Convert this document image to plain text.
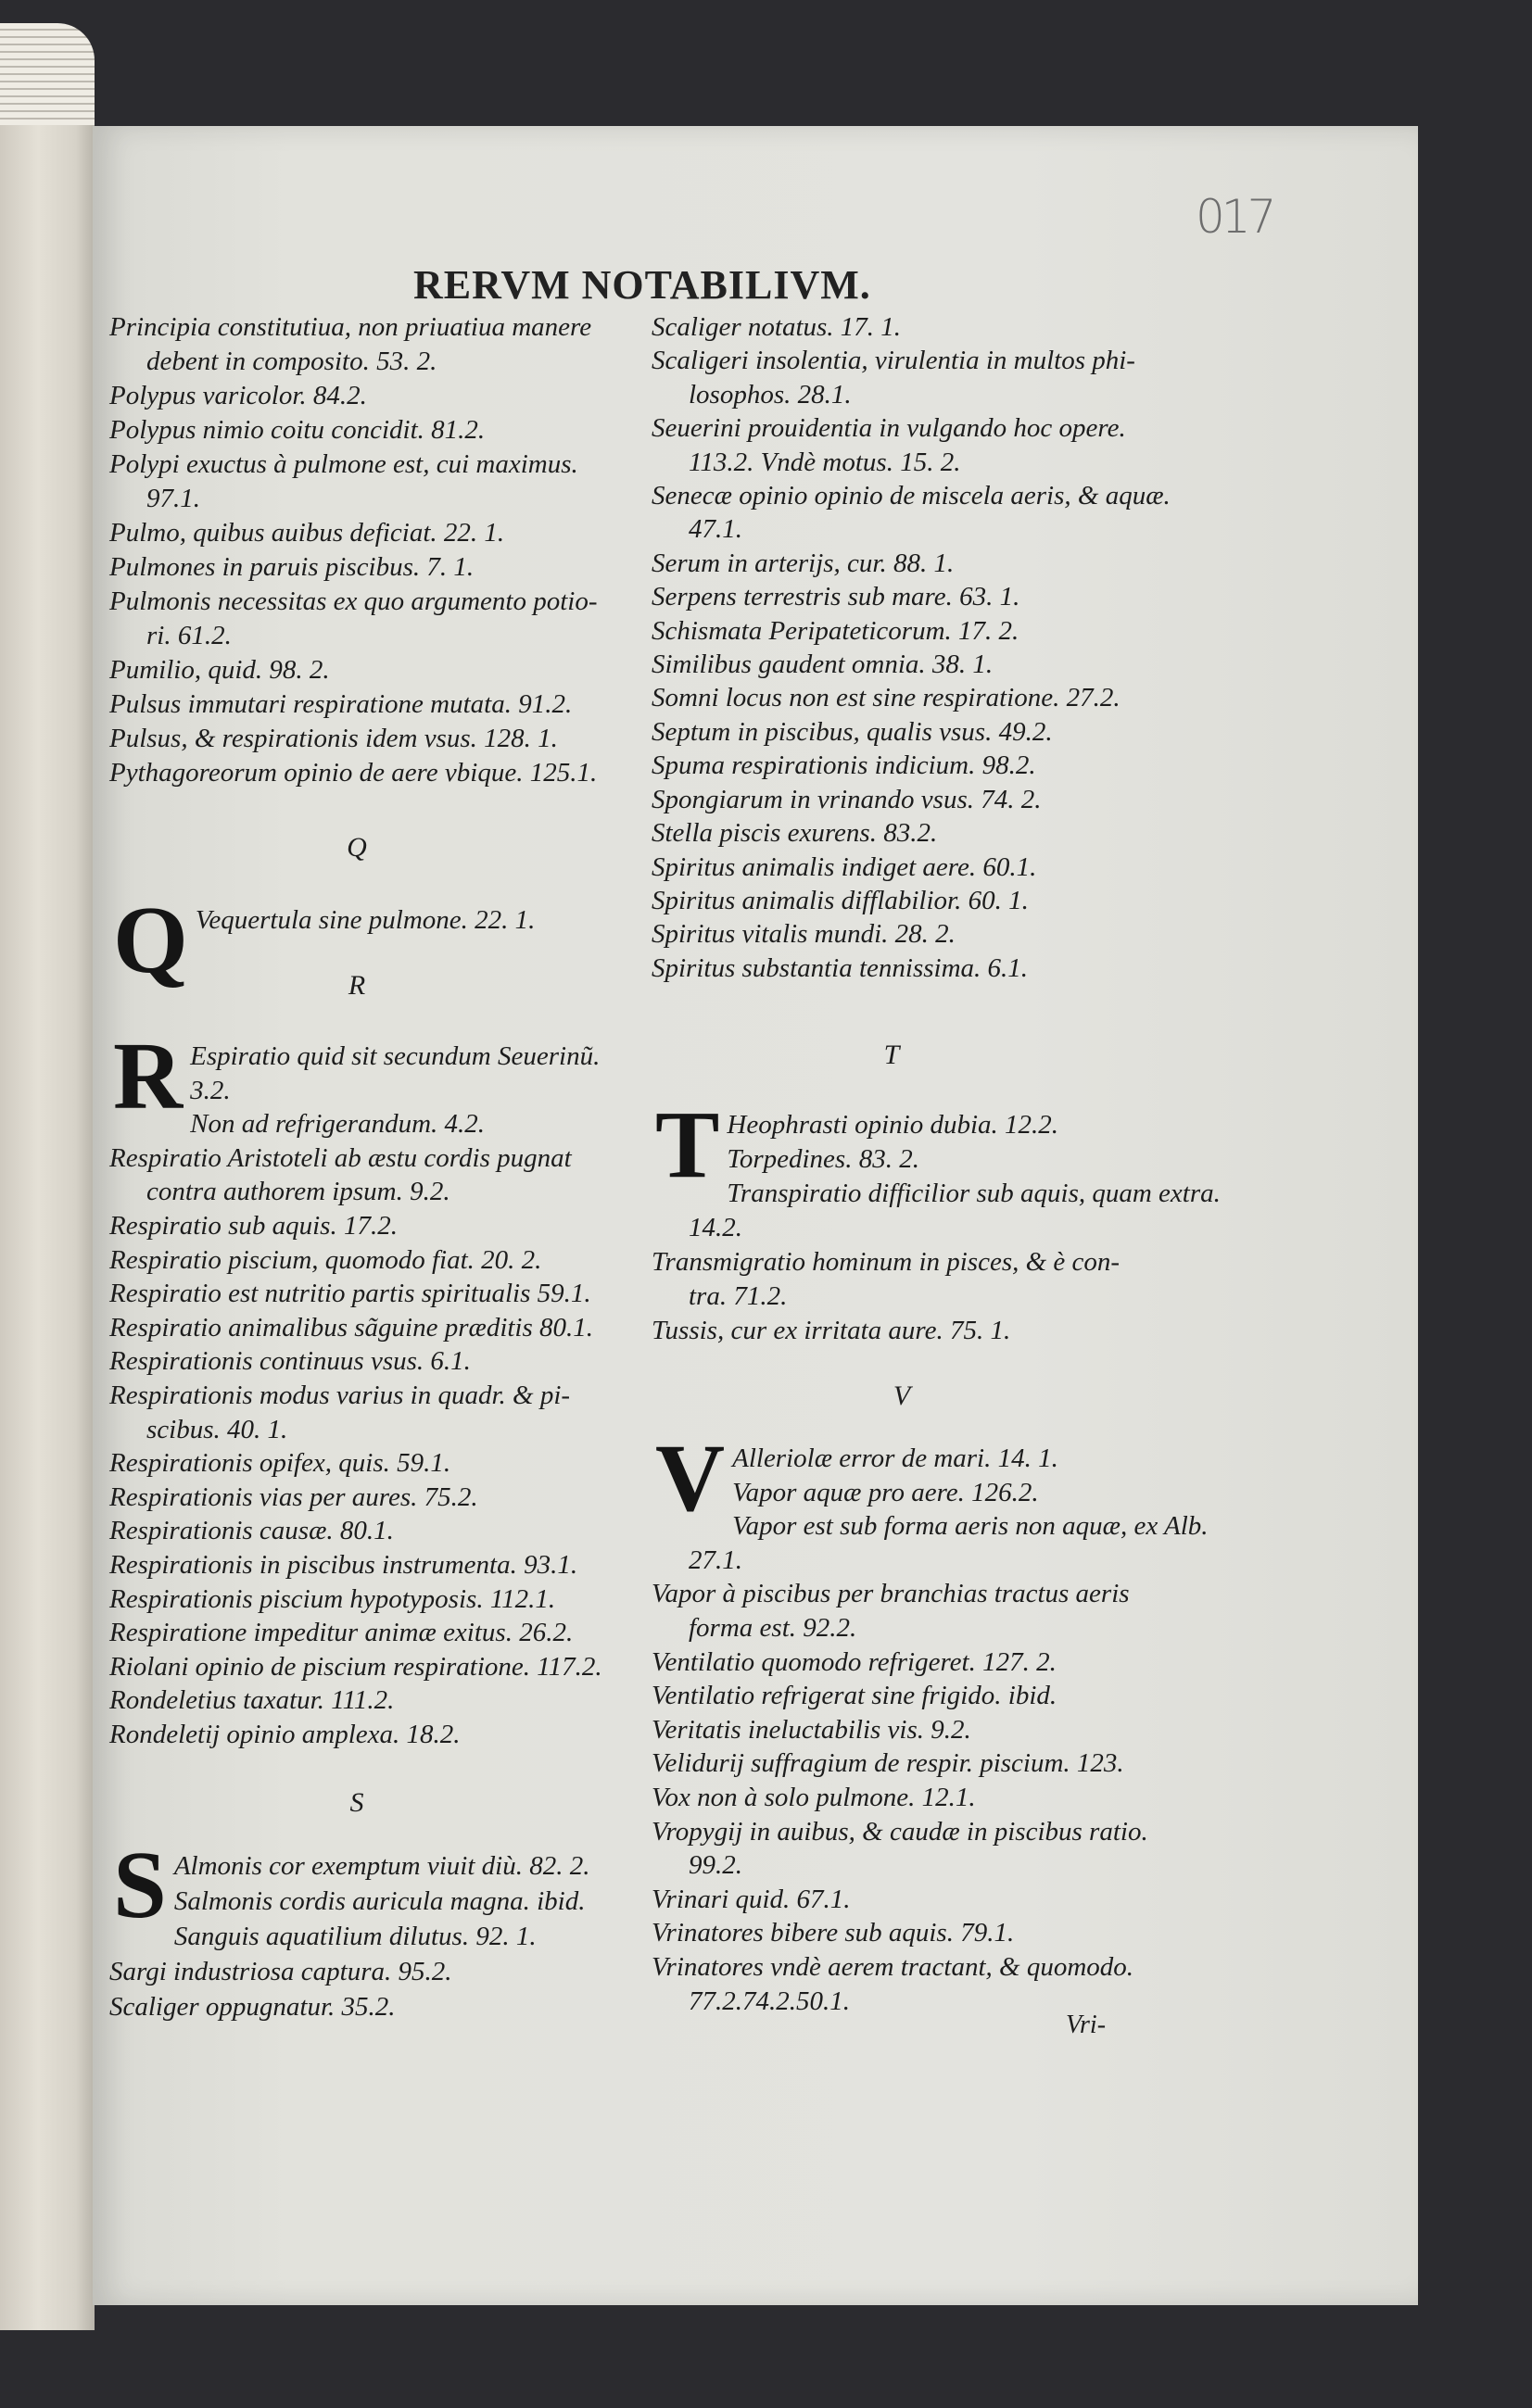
017
RERVM NOTABILIVM.
Principia constitutiua, non priuatiua manere
debent in composito. 53. 2.
Polypus varicolor. 84.2.
Polypus nimio coitu concidit. 81.2.
Polypi exuctus à pulmone est, cui maximus.
97.1.
Pulmo, quibus auibus deficiat. 22. 1.
Pulmones in paruis piscibus. 7. 1.
Pulmonis necessitas ex quo argumento potio-
ri. 61.2.
Pumilio, quid. 98. 2.
Pulsus immutari respiratione mutata. 91.2.
Pulsus, & respirationis idem vsus. 128. 1.
Pythagoreorum opinio de aere vbique. 125.1.
Q
Q Vequertula sine pulmone. 22. 1.
R
R Espiratio quid sit secundum Seuerinũ.
3.2.
Non ad refrigerandum. 4.2.
Respiratio Aristoteli ab æstu cordis pugnat
contra authorem ipsum. 9.2.
Respiratio sub aquis. 17.2.
Respiratio piscium, quomodo fiat. 20. 2.
Respiratio est nutritio partis spiritualis 59.1.
Respiratio animalibus sãguine præditis 80.1.
Respirationis continuus vsus. 6.1.
Respirationis modus varius in quadr. & pi-
scibus. 40. 1.
Respirationis opifex, quis. 59.1.
Respirationis vias per aures. 75.2.
Respirationis causæ. 80.1.
Respirationis in piscibus instrumenta. 93.1.
Respirationis piscium hypotyposis. 112.1.
Respiratione impeditur animæ exitus. 26.2.
Riolani opinio de piscium respiratione. 117.2.
Rondeletius taxatur. 111.2.
Rondeletij opinio amplexa. 18.2.
S
S Almonis cor exemptum viuit diù. 82. 2.
Salmonis cordis auricula magna. ibid.
Sanguis aquatilium dilutus. 92. 1.
Sargi industriosa captura. 95.2.
Scaliger oppugnatur. 35.2.
Scaliger notatus. 17. 1.
Scaligeri insolentia, virulentia in multos phi-
losophos. 28.1.
Seuerini prouidentia in vulgando hoc opere.
113.2. Vndè motus. 15. 2.
Senecæ opinio opinio de miscela aeris, & aquæ.
47.1.
Serum in arterijs, cur. 88. 1.
Serpens terrestris sub mare. 63. 1.
Schismata Peripateticorum. 17. 2.
Similibus gaudent omnia. 38. 1.
Somni locus non est sine respiratione. 27.2.
Septum in piscibus, qualis vsus. 49.2.
Spuma respirationis indicium. 98.2.
Spongiarum in vrinando vsus. 74. 2.
Stella piscis exurens. 83.2.
Spiritus animalis indiget aere. 60.1.
Spiritus animalis difflabilior. 60. 1.
Spiritus vitalis mundi. 28. 2.
Spiritus substantia tennissima. 6.1.
T
T Heophrasti opinio dubia. 12.2.
Torpedines. 83. 2.
Transpiratio difficilior sub aquis, quam extra.
14.2.
Transmigratio hominum in pisces, & è con-
tra. 71.2.
Tussis, cur ex irritata aure. 75. 1.
V
V Alleriolæ error de mari. 14. 1.
Vapor aquæ pro aere. 126.2.
Vapor est sub forma aeris non aquæ, ex Alb.
27.1.
Vapor à piscibus per branchias tractus aeris
forma est. 92.2.
Ventilatio quomodo refrigeret. 127. 2.
Ventilatio refrigerat sine frigido. ibid.
Veritatis ineluctabilis vis. 9.2.
Velidurij suffragium de respir. piscium. 123.
Vox non à solo pulmone. 12.1.
Vropygij in auibus, & caudæ in piscibus ratio.
99.2.
Vrinari quid. 67.1.
Vrinatores bibere sub aquis. 79.1.
Vrinatores vndè aerem tractant, & quomodo.
77.2.74.2.50.1.
Vri-
